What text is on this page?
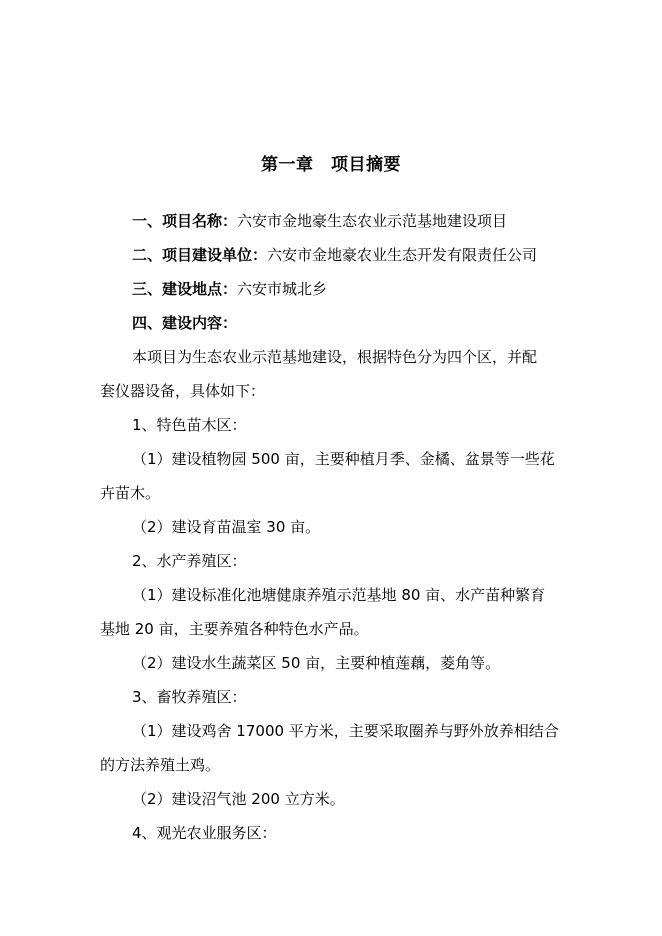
第一章　项目摘要
一、项目名称：六安市金地豪生态农业示范基地建设项目
二、项目建设单位：六安市金地豪农业生态开发有限责任公司
三、建设地点：六安市城北乡
四、建设内容：
本项目为生态农业示范基地建设，根据特色分为四个区，并配
套仪器设备，具体如下：
1、特色苗木区：
（1）建设植物园 500 亩，主要种植月季、金橘、盆景等一些花
卉苗木。
（2）建设育苗温室 30 亩。
2、水产养殖区：
（1）建设标准化池塘健康养殖示范基地 80 亩、水产苗种繁育
基地 20 亩，主要养殖各种特色水产品。
（2）建设水生蔬菜区 50 亩，主要种植莲藕，菱角等。
3、畜牧养殖区：
（1）建设鸡舍 17000 平方米，主要采取圈养与野外放养相结合
的方法养殖土鸡。
（2）建设沼气池 200 立方米。
4、观光农业服务区：
